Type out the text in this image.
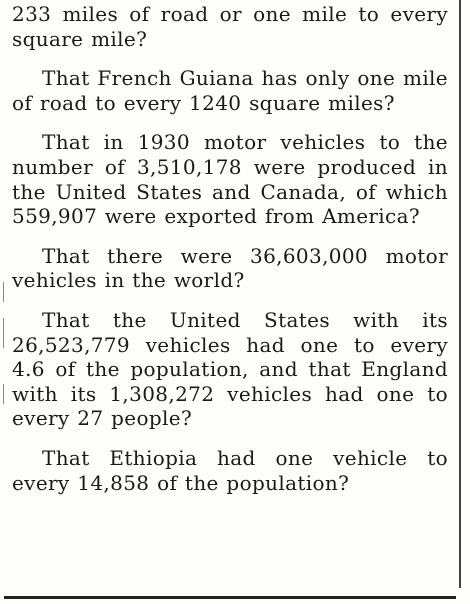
233 miles of road or one mile to every square mile?

That French Guiana has only one mile of road to every 1240 square miles?

That in 1930 motor vehicles to the number of 3,510,178 were produced in the United States and Canada, of which 559,907 were exported from America?

That there were 36,603,000 motor vehicles in the world?

That the United States with its 26,523,779 vehicles had one to every 4.6 of the population, and that England with its 1,308,272 vehicles had one to every 27 people?

That Ethiopia had one vehicle to every 14,858 of the population?
